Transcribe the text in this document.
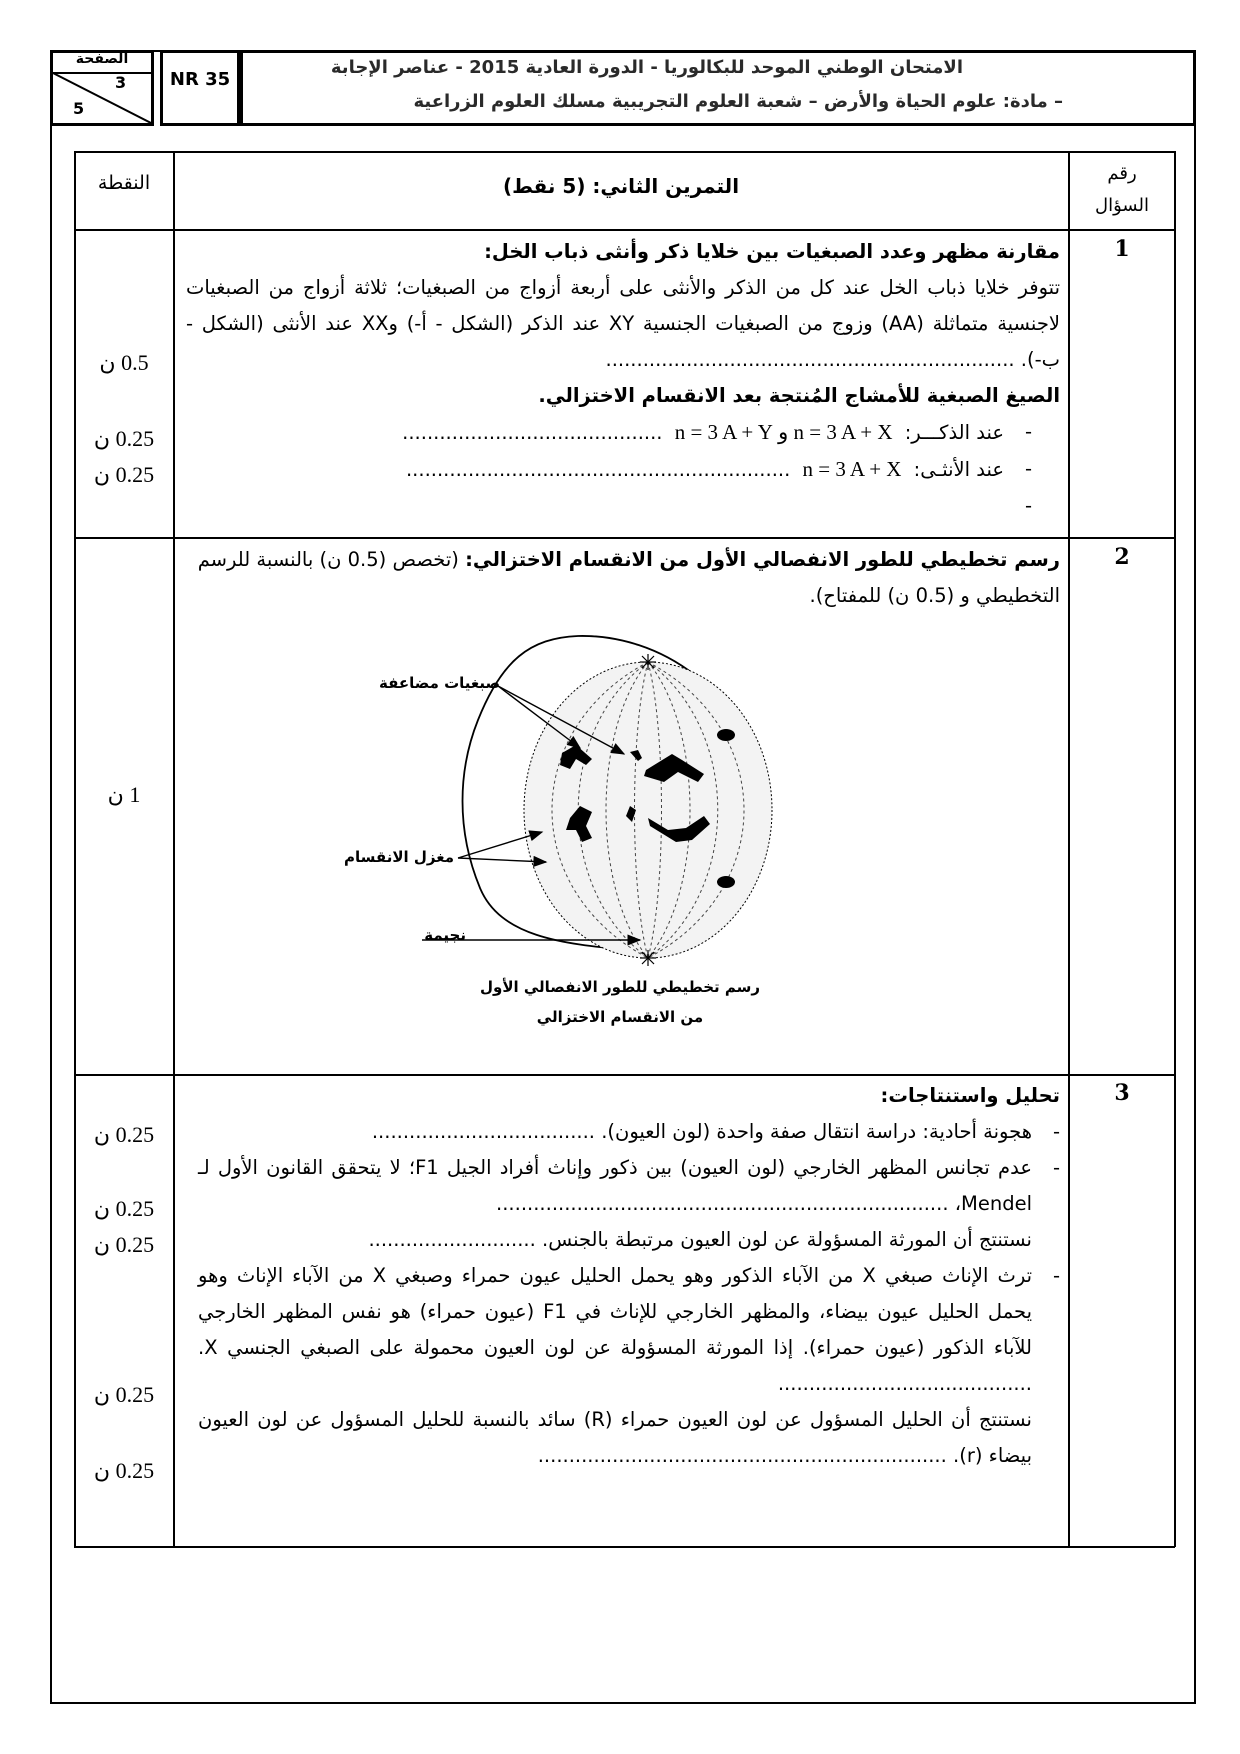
الصفحة
3
5
NR 35
الامتحان الوطني الموحد للبكالوريا - الدورة العادية 2015 - عناصر الإجابة
– مادة: علوم الحياة والأرض – شعبة العلوم التجريبية مسلك العلوم الزراعية
النقطة	التمرين الثاني: (5 نقط)
رقم
السؤال
1
مقارنة مظهر وعدد الصبغيات بين خلايا ذكر وأنثى ذباب الخل:
تتوفر خلايا ذباب الخل عند كل من الذكر والأنثى على أربعة أزواج من الصبغيات؛ ثلاثة أزواج من الصبغيات لاجنسية متماثلة (AA) وزوج من الصبغيات الجنسية XY عند الذكر (الشكل - أ-) وXX عند الأنثى (الشكل - ب-). ..................................................................
الصيغ الصبغية للأمشاج المُنتجة بعد الانقسام الاختزالي.
- عند الذكـــر: n = 3 A + X و n = 3 A + Y ..........................................
- عند الأنثـى: n = 3 A + X ..............................................................
-
0.5 ن
0.25 ن
0.25 ن
2
رسم تخطيطي للطور الانفصالي الأول من الانقسام الاختزالي: (تخصص (0.5 ن) بالنسبة للرسم التخطيطي و (0.5 ن) للمفتاح).
1 ن
صبغيات مضاعفة
مغزل الانقسام
نجيمة
رسم تخطيطي للطور الانفصالي الأول
من الانقسام الاختزالي
3
تحليل واستنتاجات:
- هجونة أحادية: دراسة انتقال صفة واحدة (لون العيون). ....................................
- عدم تجانس المظهر الخارجي (لون العيون) بين ذكور وإناث أفراد الجيل F1؛ لا يتحقق القانون الأول لـ Mendel، .........................................................................
نستنتج أن المورثة المسؤولة عن لون العيون مرتبطة بالجنس. ...........................
- ترث الإناث صبغي X من الآباء الذكور وهو يحمل الحليل عيون حمراء وصبغي X من الآباء الإناث وهو يحمل الحليل عيون بيضاء، والمظهر الخارجي للإناث في F1 (عيون حمراء) هو نفس المظهر الخارجي للآباء الذكور (عيون حمراء). إذا المورثة المسؤولة عن لون العيون محمولة على الصبغي الجنسي X. .........................................
نستنتج أن الحليل المسؤول عن لون العيون حمراء (R) سائد بالنسبة للحليل المسؤول عن لون العيون بيضاء (r). ..................................................................
0.25 ن
0.25 ن
0.25 ن
0.25 ن
0.25 ن
